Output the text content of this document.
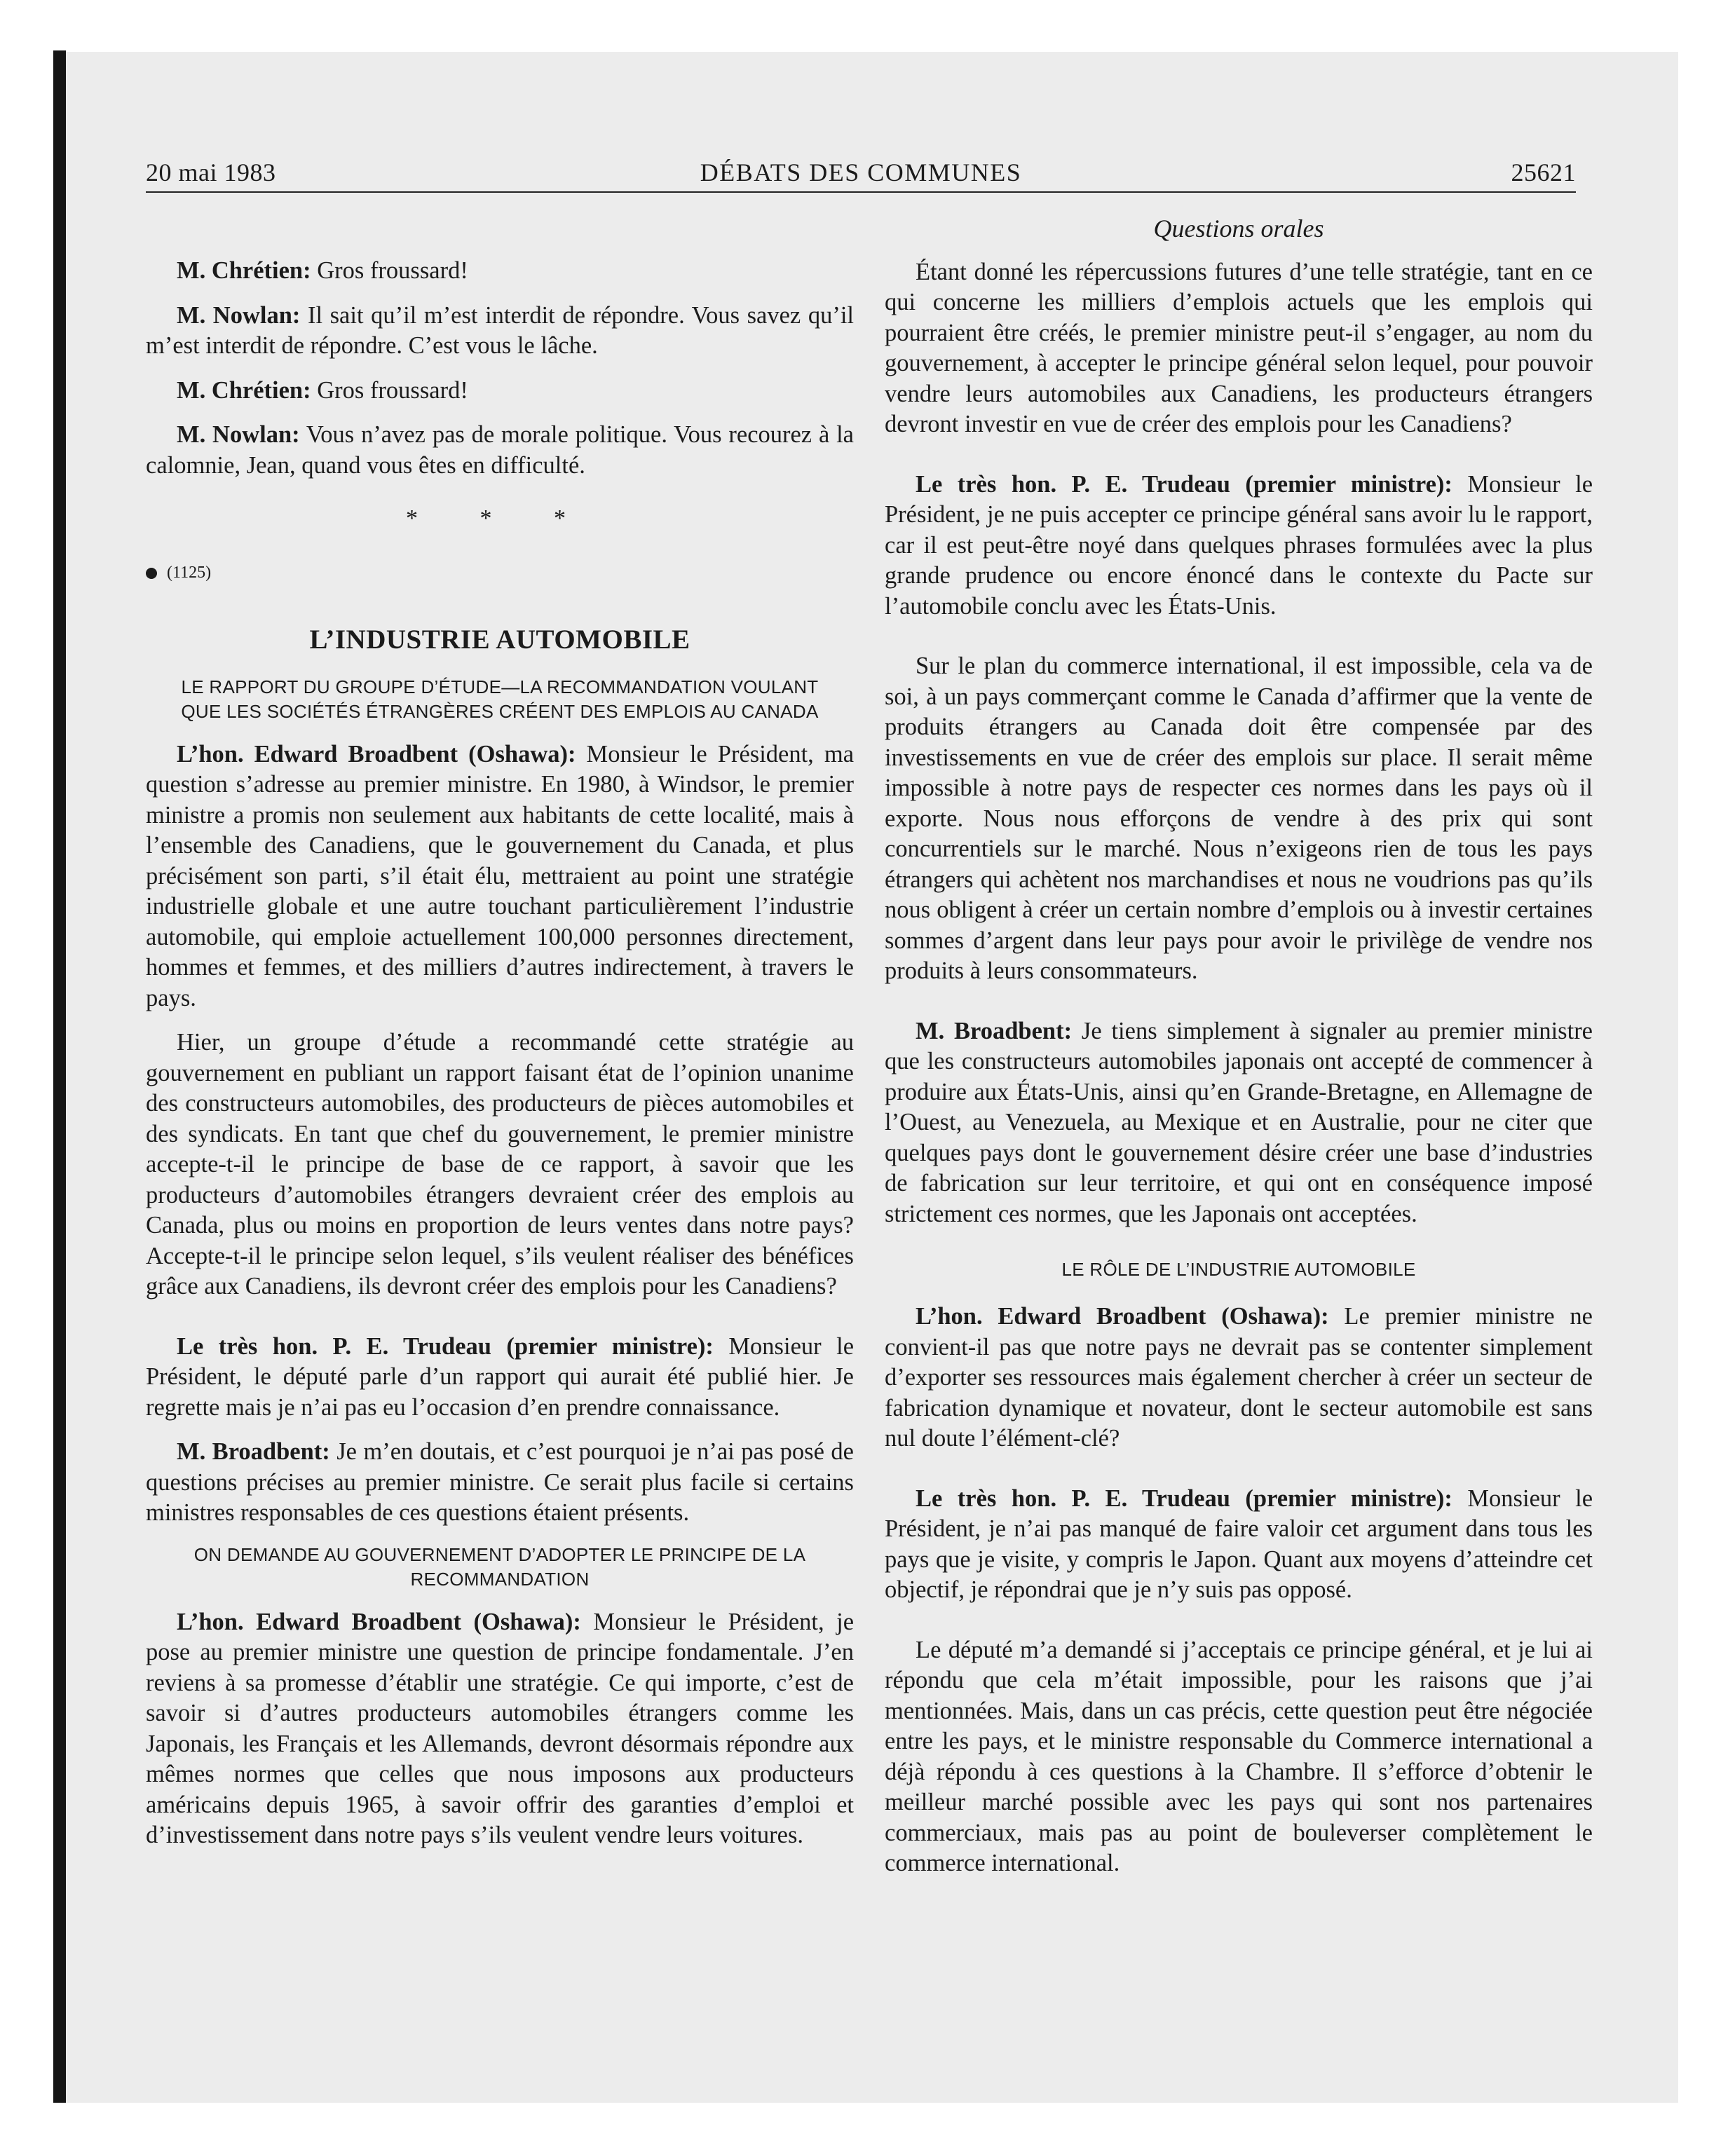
20 mai 1983	DÉBATS DES COMMUNES	25621

M. Chrétien: Gros froussard!

M. Nowlan: Il sait qu’il m’est interdit de répondre. Vous savez qu’il m’est interdit de répondre. C’est vous le lâche.

M. Chrétien: Gros froussard!

M. Nowlan: Vous n’avez pas de morale politique. Vous recourez à la calomnie, Jean, quand vous êtes en difficulté.

* * *
(1125)
L’INDUSTRIE AUTOMOBILE
LE RAPPORT DU GROUPE D’ÉTUDE—LA RECOMMANDATION VOULANT QUE LES SOCIÉTÉS ÉTRANGÈRES CRÉENT DES EMPLOIS AU CANADA

L’hon. Edward Broadbent (Oshawa): Monsieur le Président, ma question s’adresse au premier ministre. En 1980, à Windsor, le premier ministre a promis non seulement aux habitants de cette localité, mais à l’ensemble des Canadiens, que le gouvernement du Canada, et plus précisément son parti, s’il était élu, mettraient au point une stratégie industrielle globale et une autre touchant particulièrement l’industrie automobile, qui emploie actuellement 100,000 personnes directement, hommes et femmes, et des milliers d’autres indirectement, à travers le pays.

Hier, un groupe d’étude a recommandé cette stratégie au gouvernement en publiant un rapport faisant état de l’opinion unanime des constructeurs automobiles, des producteurs de pièces automobiles et des syndicats. En tant que chef du gouvernement, le premier ministre accepte-t-il le principe de base de ce rapport, à savoir que les producteurs d’automobiles étrangers devraient créer des emplois au Canada, plus ou moins en proportion de leurs ventes dans notre pays? Accepte-t-il le principe selon lequel, s’ils veulent réaliser des bénéfices grâce aux Canadiens, ils devront créer des emplois pour les Canadiens?

Le très hon. P. E. Trudeau (premier ministre): Monsieur le Président, le député parle d’un rapport qui aurait été publié hier. Je regrette mais je n’ai pas eu l’occasion d’en prendre connaissance.

M. Broadbent: Je m’en doutais, et c’est pourquoi je n’ai pas posé de questions précises au premier ministre. Ce serait plus facile si certains ministres responsables de ces questions étaient présents.

ON DEMANDE AU GOUVERNEMENT D’ADOPTER LE PRINCIPE DE LA RECOMMANDATION

L’hon. Edward Broadbent (Oshawa): Monsieur le Président, je pose au premier ministre une question de principe fondamentale. J’en reviens à sa promesse d’établir une stratégie. Ce qui importe, c’est de savoir si d’autres producteurs automobiles étrangers comme les Japonais, les Français et les Allemands, devront désormais répondre aux mêmes normes que celles que nous imposons aux producteurs américains depuis 1965, à savoir offrir des garanties d’emploi et d’investissement dans notre pays s’ils veulent vendre leurs voitures.

Questions orales

Étant donné les répercussions futures d’une telle stratégie, tant en ce qui concerne les milliers d’emplois actuels que les emplois qui pourraient être créés, le premier ministre peut-il s’engager, au nom du gouvernement, à accepter le principe général selon lequel, pour pouvoir vendre leurs automobiles aux Canadiens, les producteurs étrangers devront investir en vue de créer des emplois pour les Canadiens?

Le très hon. P. E. Trudeau (premier ministre): Monsieur le Président, je ne puis accepter ce principe général sans avoir lu le rapport, car il est peut-être noyé dans quelques phrases formulées avec la plus grande prudence ou encore énoncé dans le contexte du Pacte sur l’automobile conclu avec les États-Unis.

Sur le plan du commerce international, il est impossible, cela va de soi, à un pays commerçant comme le Canada d’affirmer que la vente de produits étrangers au Canada doit être compensée par des investissements en vue de créer des emplois sur place. Il serait même impossible à notre pays de respecter ces normes dans les pays où il exporte. Nous nous efforçons de vendre à des prix qui sont concurrentiels sur le marché. Nous n’exigeons rien de tous les pays étrangers qui achètent nos marchandises et nous ne voudrions pas qu’ils nous obligent à créer un certain nombre d’emplois ou à investir certaines sommes d’argent dans leur pays pour avoir le privilège de vendre nos produits à leurs consommateurs.

M. Broadbent: Je tiens simplement à signaler au premier ministre que les constructeurs automobiles japonais ont accepté de commencer à produire aux États-Unis, ainsi qu’en Grande-Bretagne, en Allemagne de l’Ouest, au Venezuela, au Mexique et en Australie, pour ne citer que quelques pays dont le gouvernement désire créer une base d’industries de fabrication sur leur territoire, et qui ont en conséquence imposé strictement ces normes, que les Japonais ont acceptées.

LE RÔLE DE L’INDUSTRIE AUTOMOBILE

L’hon. Edward Broadbent (Oshawa): Le premier ministre ne convient-il pas que notre pays ne devrait pas se contenter simplement d’exporter ses ressources mais également chercher à créer un secteur de fabrication dynamique et novateur, dont le secteur automobile est sans nul doute l’élément-clé?

Le très hon. P. E. Trudeau (premier ministre): Monsieur le Président, je n’ai pas manqué de faire valoir cet argument dans tous les pays que je visite, y compris le Japon. Quant aux moyens d’atteindre cet objectif, je répondrai que je n’y suis pas opposé.

Le député m’a demandé si j’acceptais ce principe général, et je lui ai répondu que cela m’était impossible, pour les raisons que j’ai mentionnées. Mais, dans un cas précis, cette question peut être négociée entre les pays, et le ministre responsable du Commerce international a déjà répondu à ces questions à la Chambre. Il s’efforce d’obtenir le meilleur marché possible avec les pays qui sont nos partenaires commerciaux, mais pas au point de bouleverser complètement le commerce international.
